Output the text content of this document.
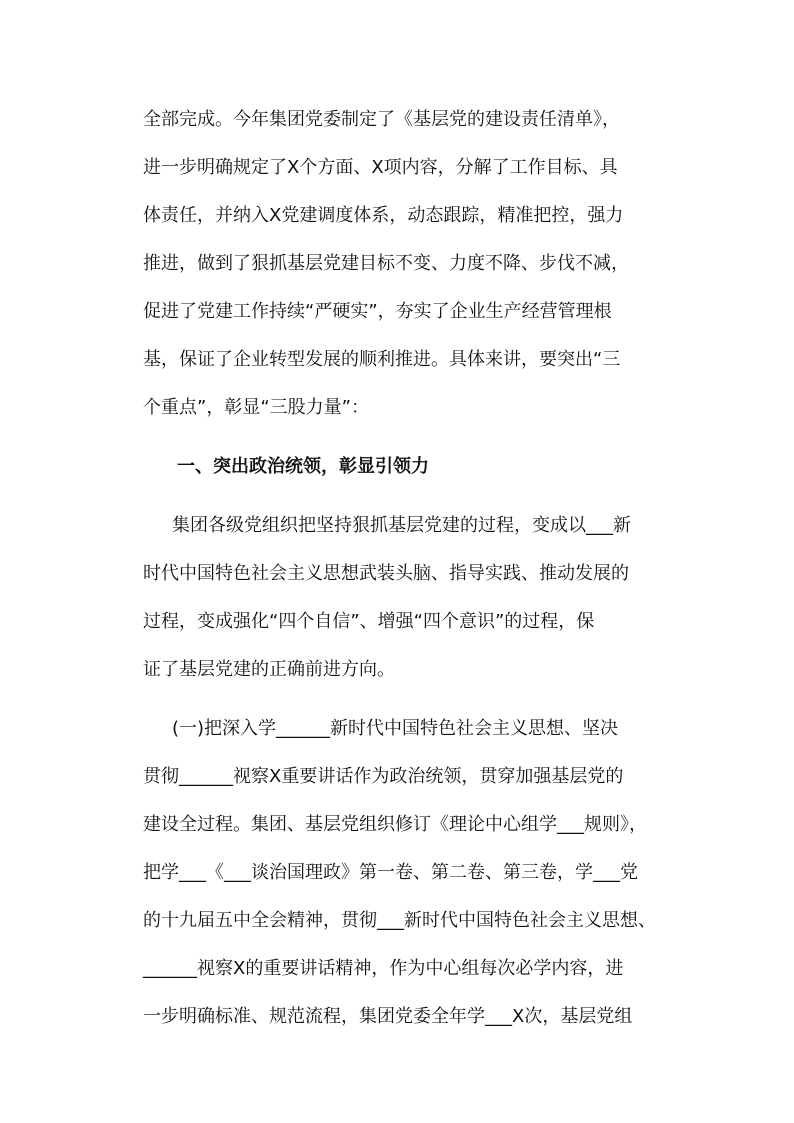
全部完成。今年集团党委制定了《基层党的建设责任清单》，
进一步明确规定了X个方面、X项内容，分解了工作目标、具
体责任，并纳入X党建调度体系，动态跟踪，精准把控，强力
推进，做到了狠抓基层党建目标不变、力度不降、步伐不减，
促进了党建工作持续“严硬实”，夯实了企业生产经营管理根
基，保证了企业转型发展的顺利推进。具体来讲，要突出“三
个重点”，彰显“三股力量”：
一、突出政治统领，彰显引领力
集团各级党组织把坚持狠抓基层党建的过程，变成以___新
时代中国特色社会主义思想武装头脑、指导实践、推动发展的
过程，变成强化“四个自信”、增强“四个意识”的过程，保
证了基层党建的正确前进方向。
(一)把深入学______新时代中国特色社会主义思想、坚决
贯彻______视察X重要讲话作为政治统领，贯穿加强基层党的
建设全过程。集团、基层党组织修订《理论中心组学___规则》，
把学___《___谈治国理政》第一卷、第二卷、第三卷，学___党
的十九届五中全会精神，贯彻___新时代中国特色社会主义思想、
______视察X的重要讲话精神，作为中心组每次必学内容，进
一步明确标准、规范流程，集团党委全年学___X次，基层党组
